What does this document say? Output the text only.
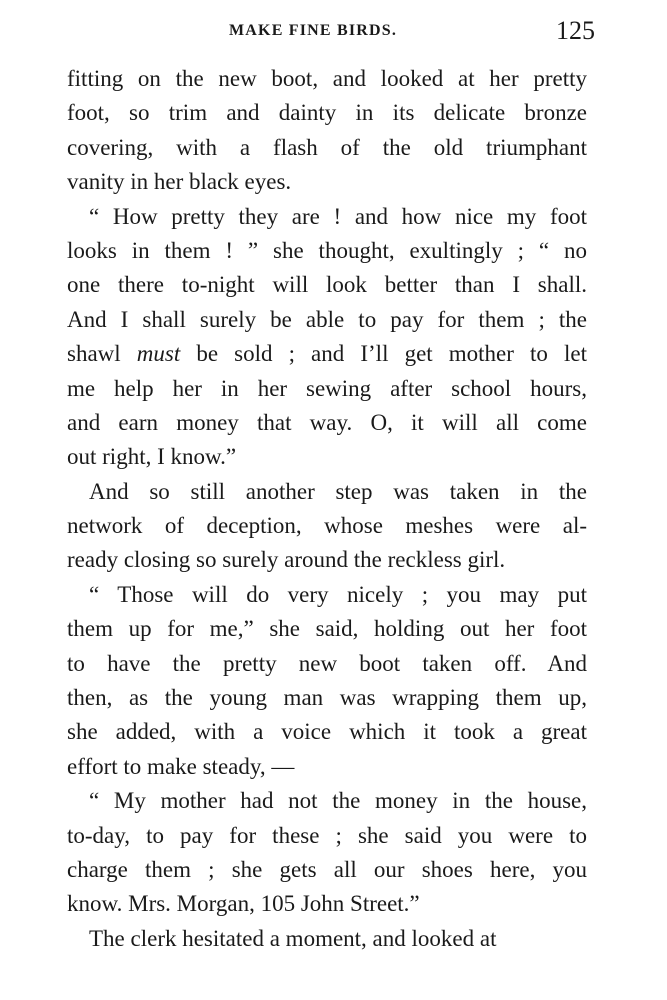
MAKE FINE BIRDS.	125
fitting on the new boot, and looked at her pretty
foot, so trim and dainty in its delicate bronze
covering, with a flash of the old triumphant
vanity in her black eyes.
“ How pretty they are ! and how nice my foot
looks in them ! ” she thought, exultingly ; “ no
one there to-night will look better than I shall.
And I shall surely be able to pay for them ; the
shawl must be sold ; and I’ll get mother to let
me help her in her sewing after school hours,
and earn money that way. O, it will all come
out right, I know.”
And so still another step was taken in the
network of deception, whose meshes were al-
ready closing so surely around the reckless girl.
“ Those will do very nicely ; you may put
them up for me,” she said, holding out her foot
to have the pretty new boot taken off. And
then, as the young man was wrapping them up,
she added, with a voice which it took a great
effort to make steady, —
“ My mother had not the money in the house,
to-day, to pay for these ; she said you were to
charge them ; she gets all our shoes here, you
know. Mrs. Morgan, 105 John Street.”
The clerk hesitated a moment, and looked at
